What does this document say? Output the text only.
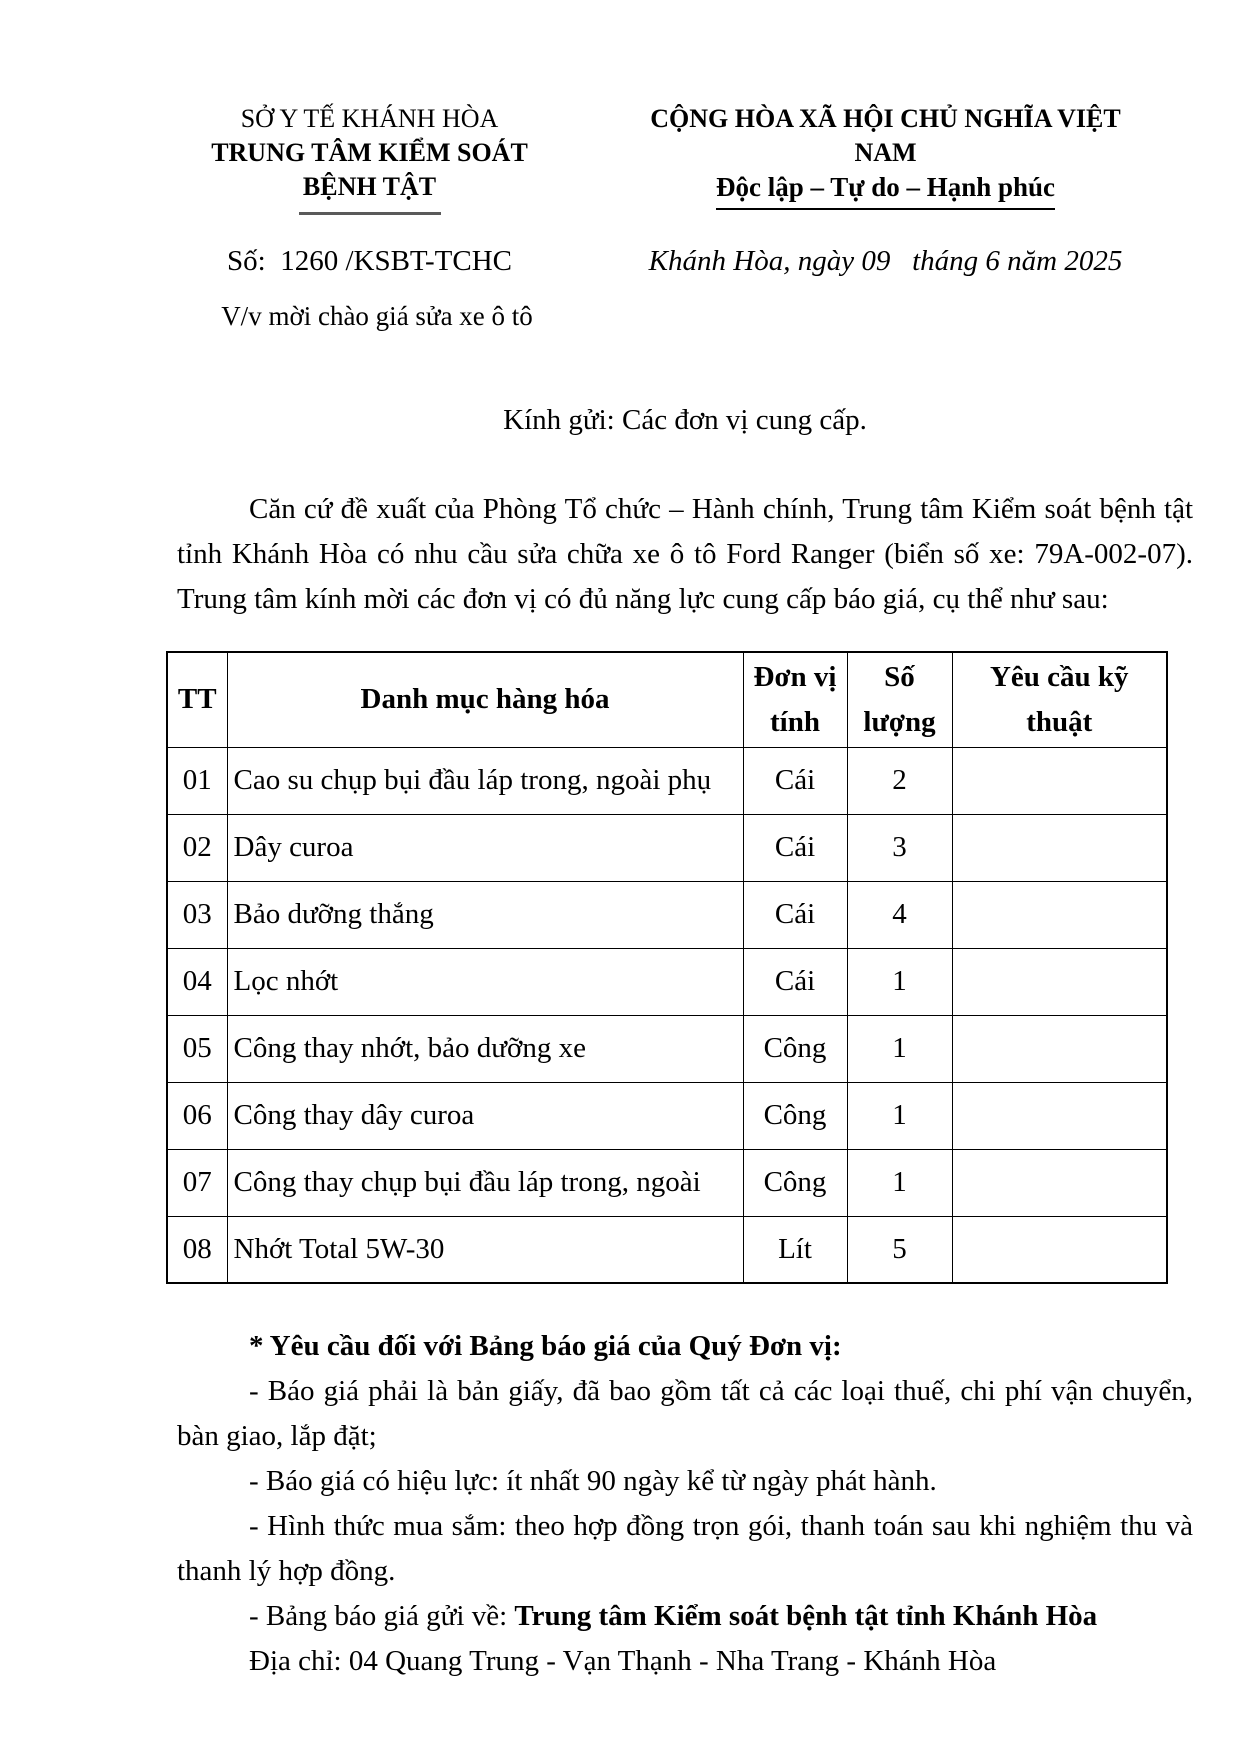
SỞ Y TẾ KHÁNH HÒA
TRUNG TÂM KIỂM SOÁT BỆNH TẬT
CỘNG HÒA XÃ HỘI CHỦ NGHĨA VIỆT NAM
Độc lập – Tự do – Hạnh phúc
Số:  1260 /KSBT-TCHC	Khánh Hòa, ngày 09   tháng 6 năm 2025
V/v mời chào giá sửa xe ô tô
Kính gửi: Các đơn vị cung cấp.

Căn cứ đề xuất của Phòng Tổ chức – Hành chính, Trung tâm Kiểm soát bệnh tật tỉnh Khánh Hòa có nhu cầu sửa chữa xe ô tô Ford Ranger (biển số xe: 79A-002-07). Trung tâm kính mời các đơn vị có đủ năng lực cung cấp báo giá, cụ thể như sau:

TT	Danh mục hàng hóa	Đơn vị tính	Số lượng	Yêu cầu kỹ thuật
01	Cao su chụp bụi đầu láp trong, ngoài phụ	Cái	2	
02	Dây curoa	Cái	3	
03	Bảo dưỡng thắng	Cái	4	
04	Lọc nhớt	Cái	1	
05	Công thay nhớt, bảo dưỡng xe	Công	1	
06	Công thay dây curoa	Công	1	
07	Công thay chụp bụi đầu láp trong, ngoài	Công	1	
08	Nhớt Total 5W-30	Lít	5	
* Yêu cầu đối với Bảng báo giá của Quý Đơn vị:
- Báo giá phải là bản giấy, đã bao gồm tất cả các loại thuế, chi phí vận chuyển, bàn giao, lắp đặt;
- Báo giá có hiệu lực: ít nhất 90 ngày kể từ ngày phát hành.
- Hình thức mua sắm: theo hợp đồng trọn gói, thanh toán sau khi nghiệm thu và thanh lý hợp đồng.
- Bảng báo giá gửi về: Trung tâm Kiểm soát bệnh tật tỉnh Khánh Hòa
Địa chỉ: 04 Quang Trung - Vạn Thạnh - Nha Trang - Khánh Hòa
